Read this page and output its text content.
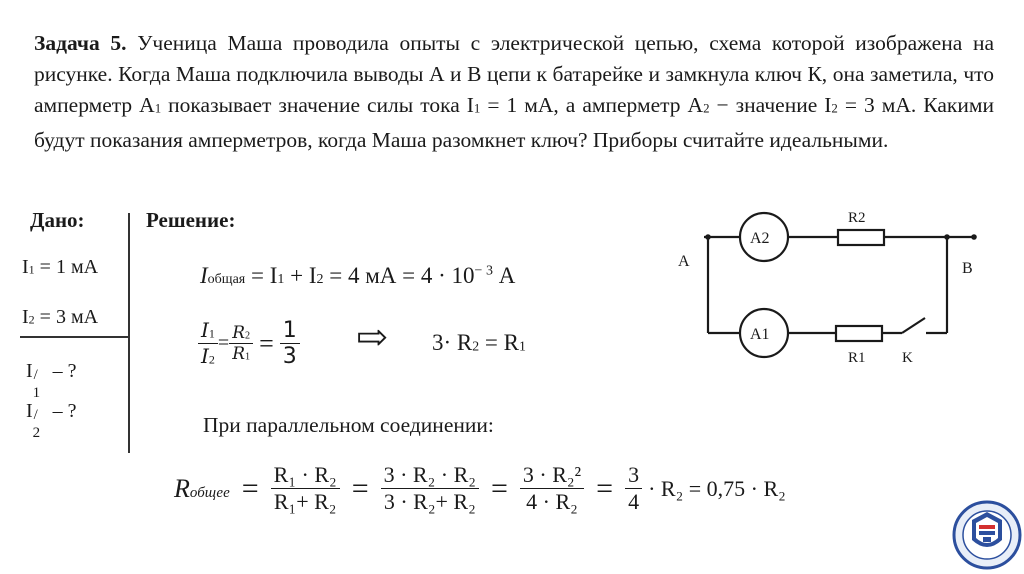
Задача 5. Ученица Маша проводила опыты с электрической цепью, схема которой изображена на рисунке. Когда Маша подключила выводы А и В цепи к батарейке и замкнула ключ К, она заметила, что амперметр $А_1$ показывает значение силы тока $I_1 = 1$ мА, а амперметр $А_2$ − значение $I_2 = 3$ мА. Какими будут показания амперметров, когда Маша разомкнет ключ? Приборы считайте идеальными.
Дано:
$I_1 = 1$ мА
$I_2 = 3$ мА
I /
1
– ?
I /
2
– ?
Решение:
Iобщая = I1 + I2 = 4 мА = $4 \cdot 10^{- 3}$ А
$\frac{I_1}{I_2} = \frac{R_2}{R_1} = \frac{1}{3}$ ⇨ $3\cdot R_2 = R_1$
При параллельном соединении:
Rобщее = $\frac{\text{R₁ · R₂}}{\text{R₁+ R₂}} = \frac{\text{3 · R₂ · R₂}}{\text{3 · R₂+ R₂}} = \frac{\text{3 · R₂²}}{\text{4 · R₂}} = \frac{3}{4} \cdot R_2 = 0,75 \cdot R_2$
A	B
A2
A1
R2
R1 K
